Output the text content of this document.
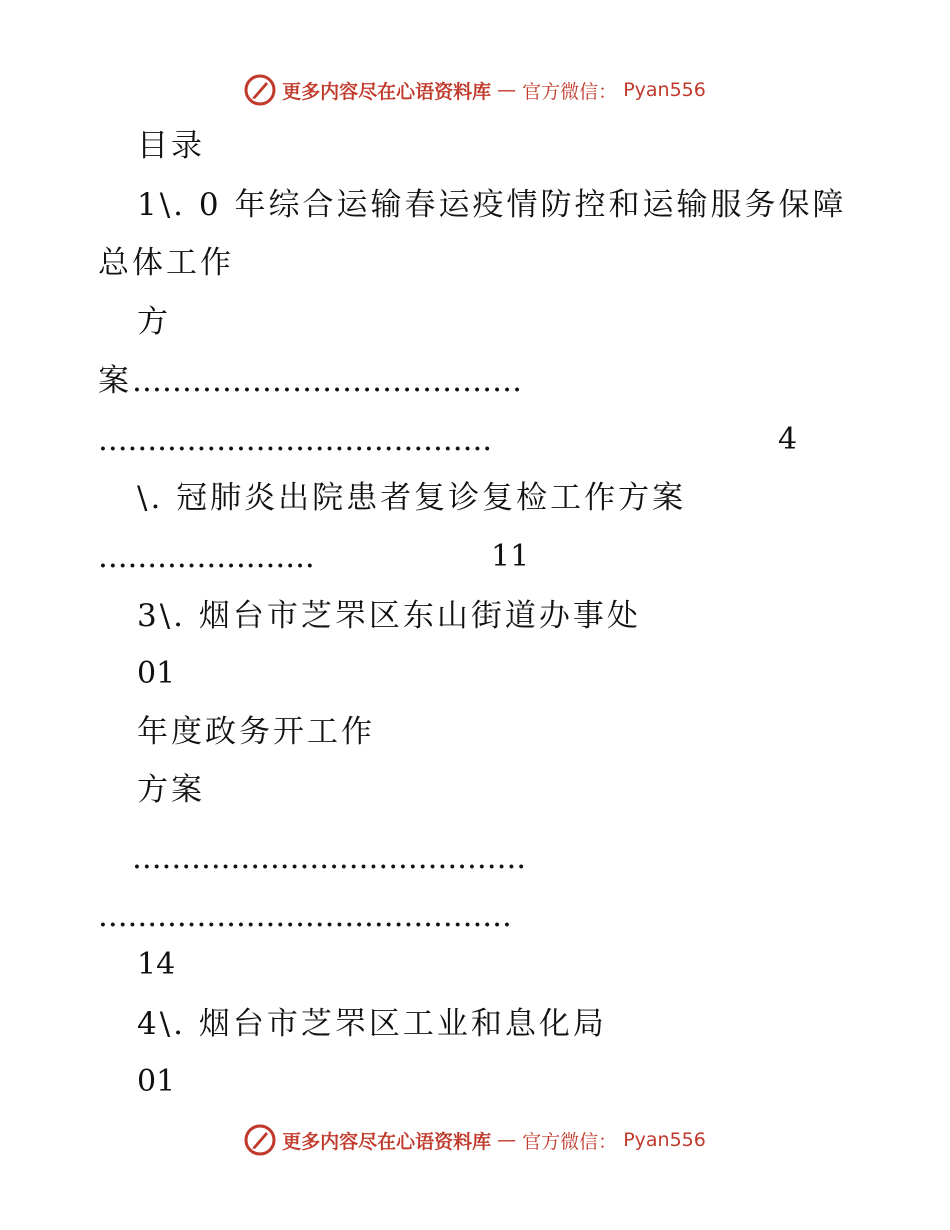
更多内容尽在心语资料库 — 官方微信： Pyan556
目录
1\. 0 年综合运输春运疫情防控和运输服务保障
总体工作
方
案 .......................................
........................................	4
\. 冠肺炎出院患者复诊复检工作方案
......................	11
3\. 烟台市芝罘区东山街道办事处
01
年度政务开工作
方案
........................................
..........................................
14
4\. 烟台市芝罘区工业和息化局
01
更多内容尽在心语资料库 — 官方微信： Pyan556
